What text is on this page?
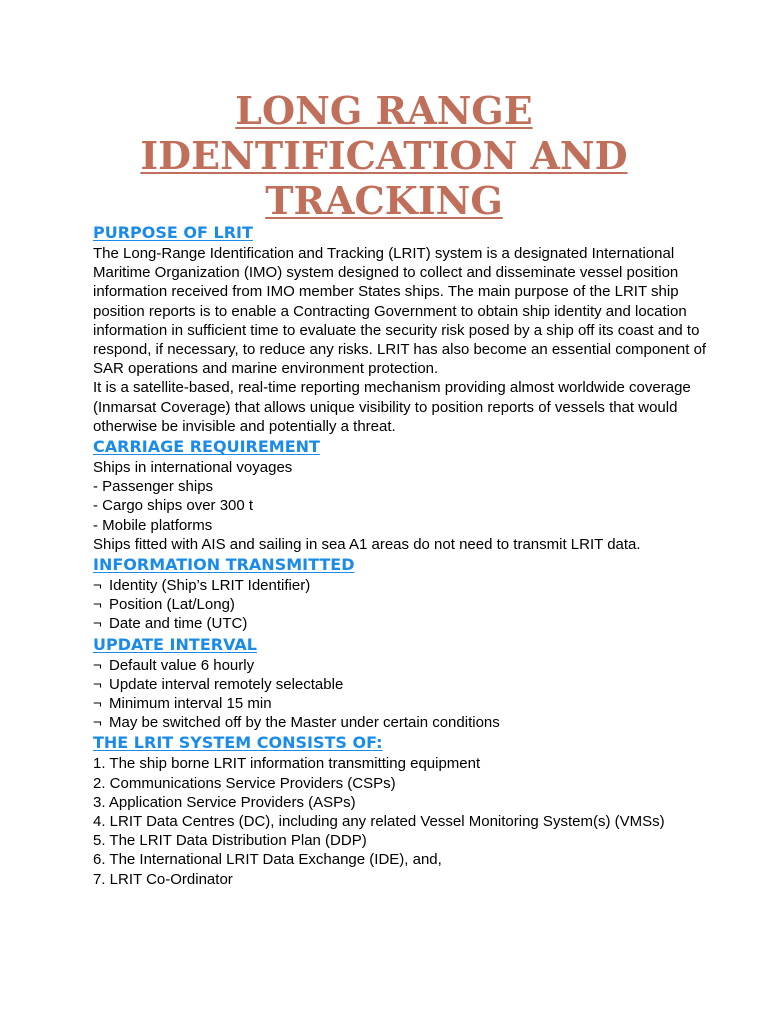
LONG RANGE
IDENTIFICATION AND
TRACKING
PURPOSE OF LRIT

The Long-Range Identification and Tracking (LRIT) system is a designated International Maritime Organization (IMO) system designed to collect and disseminate vessel position information received from IMO member States ships. The main purpose of the LRIT ship position reports is to enable a Contracting Government to obtain ship identity and location information in sufficient time to evaluate the security risk posed by a ship off its coast and to respond, if necessary, to reduce any risks. LRIT has also become an essential component of SAR operations and marine environment protection.

It is a satellite-based, real-time reporting mechanism providing almost worldwide coverage (Inmarsat Coverage) that allows unique visibility to position reports of vessels that would otherwise be invisible and potentially a threat.

CARRIAGE REQUIREMENT
Ships in international voyages
- Passenger ships
- Cargo ships over 300 t
- Mobile platforms
Ships fitted with AIS and sailing in sea A1 areas do not need to transmit LRIT data.
INFORMATION TRANSMITTED
¬ Identity (Ship’s LRIT Identifier)
¬ Position (Lat/Long)
¬ Date and time (UTC)
UPDATE INTERVAL
¬ Default value 6 hourly
¬ Update interval remotely selectable
¬ Minimum interval 15 min
¬ May be switched off by the Master under certain conditions
THE LRIT SYSTEM CONSISTS OF:
1. The ship borne LRIT information transmitting equipment
2. Communications Service Providers (CSPs)
3. Application Service Providers (ASPs)
4. LRIT Data Centres (DC), including any related Vessel Monitoring System(s) (VMSs)
5. The LRIT Data Distribution Plan (DDP)
6. The International LRIT Data Exchange (IDE), and,
7. LRIT Co-Ordinator
